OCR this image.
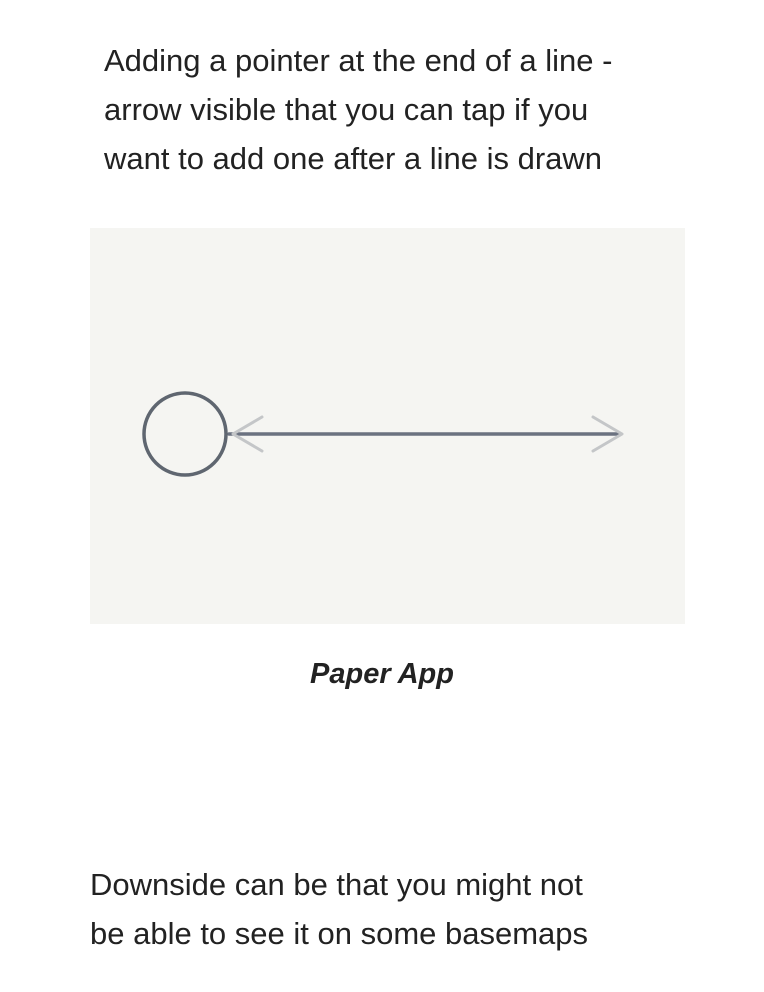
Adding a pointer at the end of a line -
arrow visible that you can tap if you
want to add one after a line is drawn

Paper App

Downside can be that you might not
be able to see it on some basemaps
